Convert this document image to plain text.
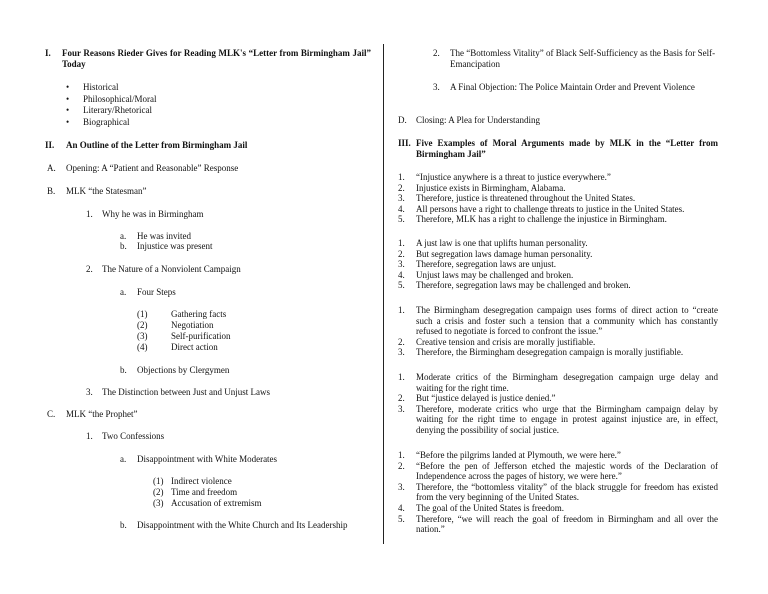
I. Four Reasons Rieder Gives for Reading MLK's “Letter from Birmingham Jail” Today
• Historical
• Philosophical/Moral
• Literary/Rhetorical
• Biographical
II. An Outline of the Letter from Birmingham Jail
A. Opening: A “Patient and Reasonable” Response
B. MLK “the Statesman”
1. Why he was in Birmingham
a. He was invited
b. Injustice was present
2. The Nature of a Nonviolent Campaign
a. Four Steps
(1)	Gathering facts
(2)	Negotiation
(3)	Self-purification
(4)	Direct action
b. Objections by Clergymen
3. The Distinction between Just and Unjust Laws
C. MLK “the Prophet”
1. Two Confessions
a. Disappointment with White Moderates
(1) Indirect violence
(2) Time and freedom
(3) Accusation of extremism
b. Disappointment with the White Church and Its Leadership
2. The “Bottomless Vitality” of Black Self-Sufficiency as the Basis for Self-Emancipation
3. A Final Objection: The Police Maintain Order and Prevent Violence
D. Closing: A Plea for Understanding
III. Five Examples of Moral Arguments made by MLK in the “Letter from Birmingham Jail”
1. “Injustice anywhere is a threat to justice everywhere.”
2. Injustice exists in Birmingham, Alabama.
3. Therefore, justice is threatened throughout the United States.
4. All persons have a right to challenge threats to justice in the United States.
5. Therefore, MLK has a right to challenge the injustice in Birmingham.
1. A just law is one that uplifts human personality.
2. But segregation laws damage human personality.
3. Therefore, segregation laws are unjust.
4. Unjust laws may be challenged and broken.
5. Therefore, segregation laws may be challenged and broken.
1. The Birmingham desegregation campaign uses forms of direct action to “create such a crisis and foster such a tension that a community which has constantly refused to negotiate is forced to confront the issue.”
2. Creative tension and crisis are morally justifiable.
3. Therefore, the Birmingham desegregation campaign is morally justifiable.
1. Moderate critics of the Birmingham desegregation campaign urge delay and waiting for the right time.
2. But “justice delayed is justice denied.”
3. Therefore, moderate critics who urge that the Birmingham campaign delay by waiting for the right time to engage in protest against injustice are, in effect, denying the possibility of social justice.
1. “Before the pilgrims landed at Plymouth, we were here.”
2. “Before the pen of Jefferson etched the majestic words of the Declaration of Independence across the pages of history, we were here.”
3. Therefore, the “bottomless vitality” of the black struggle for freedom has existed from the very beginning of the United States.
4. The goal of the United States is freedom.
5. Therefore, “we will reach the goal of freedom in Birmingham and all over the nation.”
